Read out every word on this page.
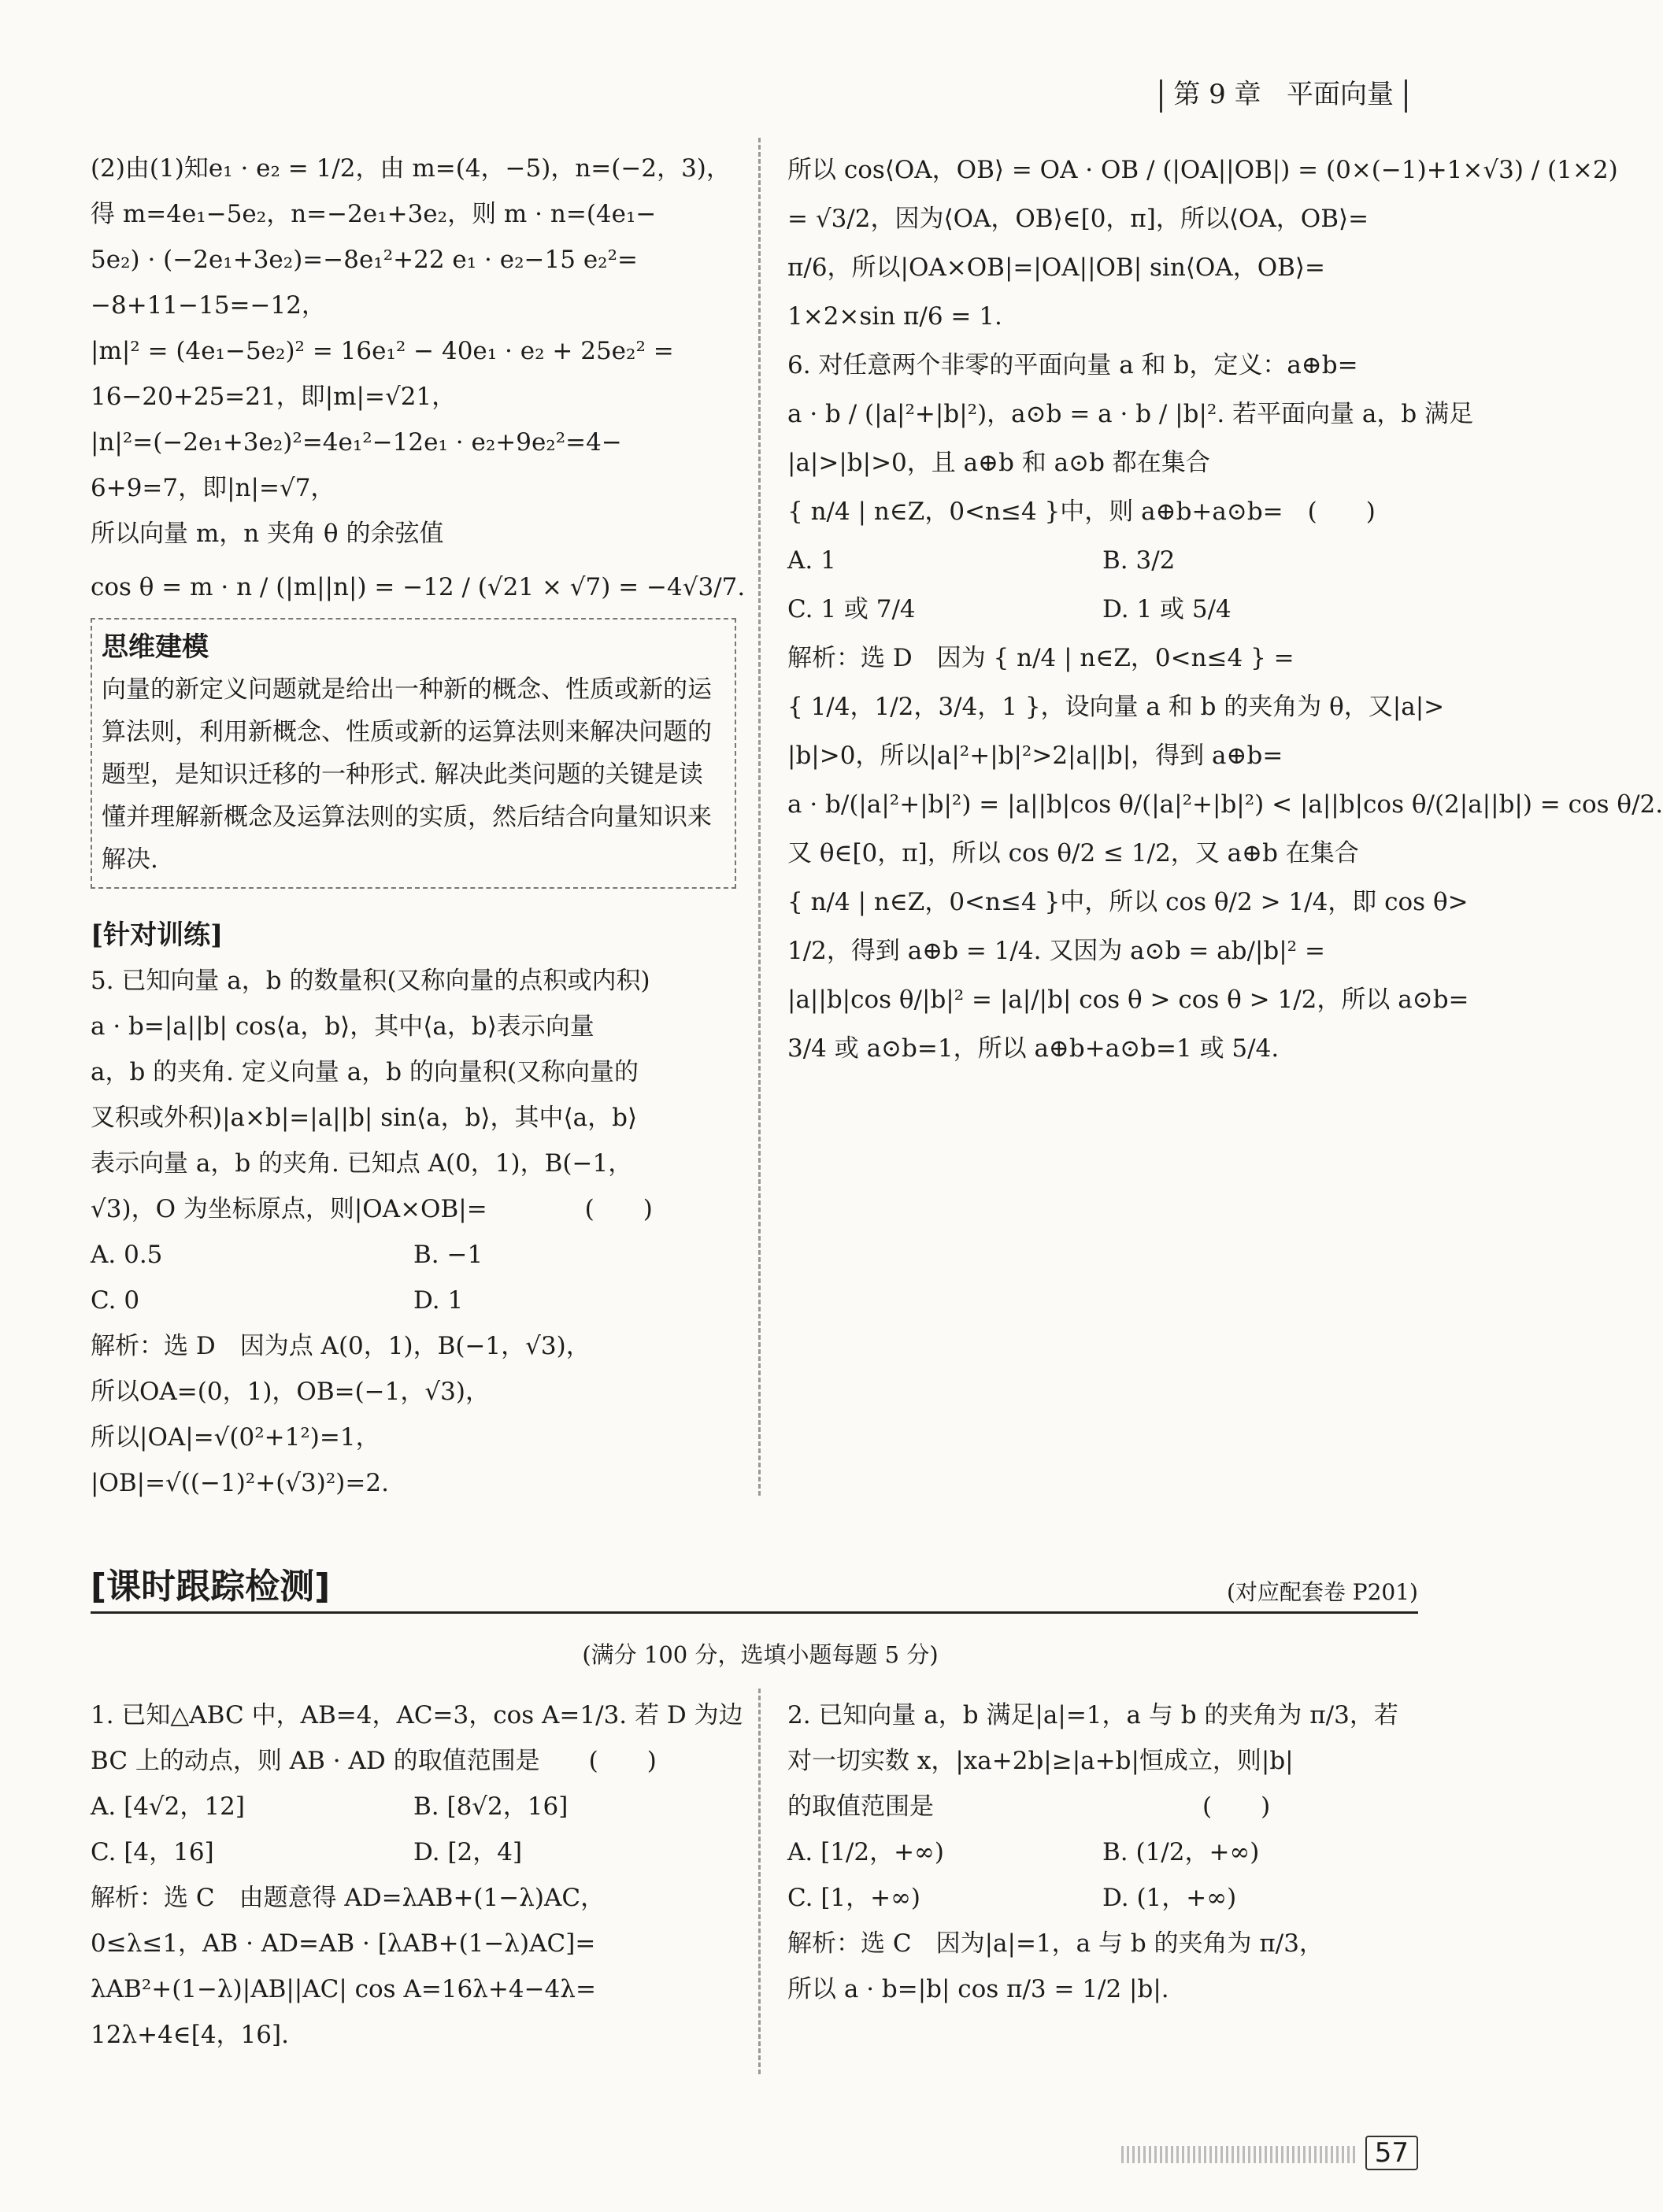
第 9 章 平面向量

(2)由(1)知e₁ · e₂ = 1/2，由 m=(4，−5)，n=(−2，3)，

得 m=4e₁−5e₂，n=−2e₁+3e₂，则 m · n=(4e₁−

5e₂) · (−2e₁+3e₂)=−8e₁²+22 e₁ · e₂−15 e₂²=

−8+11−15=−12，

|m|² = (4e₁−5e₂)² = 16e₁² − 40e₁ · e₂ + 25e₂² =

16−20+25=21，即|m|=√21，

|n|²=(−2e₁+3e₂)²=4e₁²−12e₁ · e₂+9e₂²=4−

6+9=7，即|n|=√7，

所以向量 m，n 夹角 θ 的余弦值

cos θ = m · n / (|m||n|) = −12 / (√21 × √7) = −4√3/7.

思维建模

向量的新定义问题就是给出一种新的概念、性质或新的运算法则，利用新概念、性质或新的运算法则来解决问题的题型，是知识迁移的一种形式. 解决此类问题的关键是读懂并理解新概念及运算法则的实质，然后结合向量知识来解决.

[针对训练]

5. 已知向量 a，b 的数量积(又称向量的点积或内积)

a · b=|a||b| cos⟨a，b⟩，其中⟨a，b⟩表示向量

a，b 的夹角. 定义向量 a，b 的向量积(又称向量的

叉积或外积)|a×b|=|a||b| sin⟨a，b⟩，其中⟨a，b⟩

表示向量 a，b 的夹角. 已知点 A(0，1)，B(−1，

√3)，O 为坐标原点，则|OA×OB|=　　　　(　　)

A. 0.5	B. −1

C. 0	D. 1

解析：选 D　因为点 A(0，1)，B(−1，√3)，

所以OA=(0，1)，OB=(−1，√3)，

所以|OA|=√(0²+1²)=1，

|OB|=√((−1)²+(√3)²)=2.

所以 cos⟨OA，OB⟩ = OA · OB / (|OA||OB|) = (0×(−1)+1×√3) / (1×2)

= √3/2，因为⟨OA，OB⟩∈[0，π]，所以⟨OA，OB⟩=

π/6，所以|OA×OB|=|OA||OB| sin⟨OA，OB⟩=

1×2×sin π/6 = 1.

6. 对任意两个非零的平面向量 a 和 b，定义：a⊕b=

a · b / (|a|²+|b|²)，a⊙b = a · b / |b|². 若平面向量 a，b 满足

|a|>|b|>0，且 a⊕b 和 a⊙b 都在集合

{ n/4 | n∈Z，0<n≤4 }中，则 a⊕b+a⊙b=　(　　)

A. 1	B. 3/2

C. 1 或 7/4	D. 1 或 5/4

解析：选 D　因为 { n/4 | n∈Z，0<n≤4 } =

{ 1/4，1/2，3/4，1 }，设向量 a 和 b 的夹角为 θ，又|a|>

|b|>0，所以|a|²+|b|²>2|a||b|，得到 a⊕b=

a · b/(|a|²+|b|²) = |a||b|cos θ/(|a|²+|b|²) < |a||b|cos θ/(2|a||b|) = cos θ/2.

又 θ∈[0，π]，所以 cos θ/2 ≤ 1/2，又 a⊕b 在集合

{ n/4 | n∈Z，0<n≤4 }中，所以 cos θ/2 > 1/4，即 cos θ>

1/2，得到 a⊕b = 1/4. 又因为 a⊙b = ab/|b|² =

|a||b|cos θ/|b|² = |a|/|b| cos θ > cos θ > 1/2，所以 a⊙b=

3/4 或 a⊙b=1，所以 a⊕b+a⊙b=1 或 5/4.

[课时跟踪检测]	(对应配套卷 P201)
(满分 100 分，选填小题每题 5 分)

1. 已知△ABC 中，AB=4，AC=3，cos A=1/3. 若 D 为边

BC 上的动点，则 AB · AD 的取值范围是　　(　　)

A. [4√2，12]	B. [8√2，16]

C. [4，16]	D. [2，4]

解析：选 C　由题意得 AD=λAB+(1−λ)AC，

0≤λ≤1，AB · AD=AB · [λAB+(1−λ)AC]=

λAB²+(1−λ)|AB||AC| cos A=16λ+4−4λ=

12λ+4∈[4，16].

2. 已知向量 a，b 满足|a|=1，a 与 b 的夹角为 π/3，若

对一切实数 x，|xa+2b|≥|a+b|恒成立，则|b|

的取值范围是　　　　　　　　　　　(　　)

A. [1/2，+∞)	B. (1/2，+∞)

C. [1，+∞)	D. (1，+∞)

解析：选 C　因为|a|=1，a 与 b 的夹角为 π/3，

所以 a · b=|b| cos π/3 = 1/2 |b|.

57
